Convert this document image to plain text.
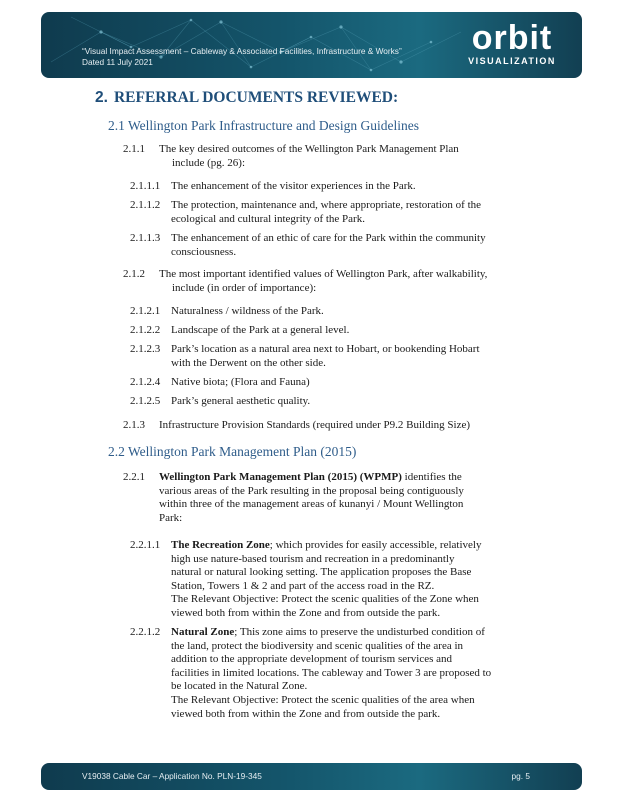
“Visual Impact Assessment – Cableway & Associated Facilities, Infrastructure & Works”
Dated 11 July 2021
orbit
VISUALIZATION
2. REFERRAL DOCUMENTS REVIEWED:
2.1 Wellington Park Infrastructure and Design Guidelines
2.1.1 The key desired outcomes of the Wellington Park Management Plan

include (pg. 26):
2.1.1.1 The enhancement of the visitor experiences in the Park.
2.1.1.2 The protection, maintenance and, where appropriate, restoration of the
ecological and cultural integrity of the Park.
2.1.1.3 The enhancement of an ethic of care for the Park within the community
consciousness.
2.1.2 The most important identified values of Wellington Park, after walkability,

include (in order of importance):
2.1.2.1 Naturalness / wildness of the Park.
2.1.2.2 Landscape of the Park at a general level.
2.1.2.3 Park’s location as a natural area next to Hobart, or bookending Hobart
with the Derwent on the other side.
2.1.2.4 Native biota; (Flora and Fauna)
2.1.2.5 Park’s general aesthetic quality.
2.1.3 Infrastructure Provision Standards (required under P9.2 Building Size)
2.2 Wellington Park Management Plan (2015)
2.2.1 Wellington Park Management Plan (2015) (WPMP) identifies the
various areas of the Park resulting in the proposal being contiguously
within three of the management areas of kunanyi / Mount Wellington
Park:
2.2.1.1 The Recreation Zone; which provides for easily accessible, relatively
high use nature-based tourism and recreation in a predominantly
natural or natural looking setting. The application proposes the Base
Station, Towers 1 & 2 and part of the access road in the RZ.
The Relevant Objective: Protect the scenic qualities of the Zone when
viewed both from within the Zone and from outside the park.
2.2.1.2 Natural Zone; This zone aims to preserve the undisturbed condition of
the land, protect the biodiversity and scenic qualities of the area in
addition to the appropriate development of tourism services and
facilities in limited locations. The cableway and Tower 3 are proposed to
be located in the Natural Zone.
The Relevant Objective: Protect the scenic qualities of the area when
viewed both from within the Zone and from outside the park.
V19038 Cable Car – Application No. PLN-19-345	pg. 5
